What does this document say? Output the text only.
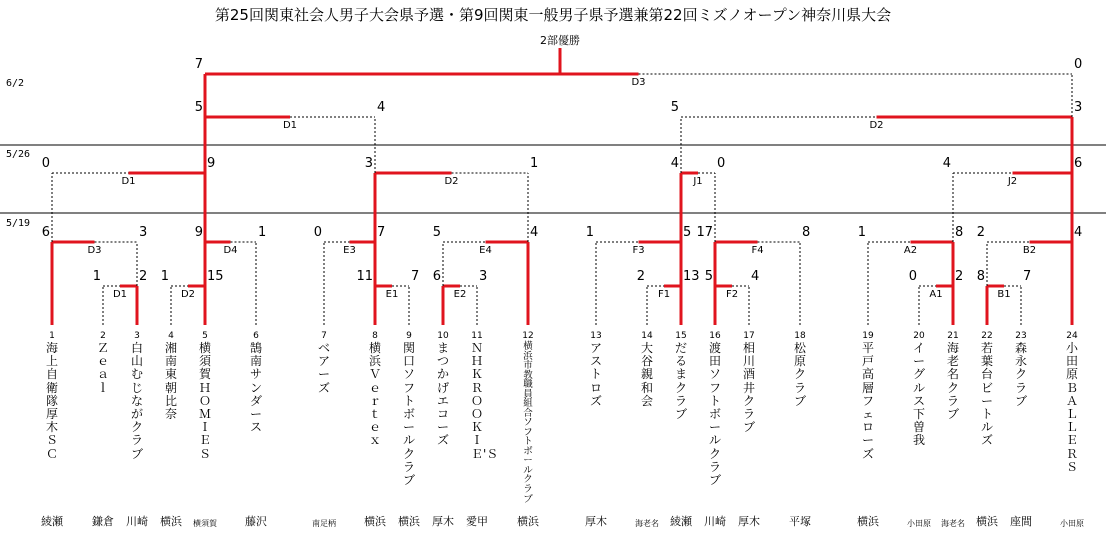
第25回関東社会人男子大会県予選・第9回関東一般男子県予選兼第22回ミズノオープン神奈川県大会
2部優勝
6/2
5/26
5/19
1
海上自衛隊厚木ＳＣ
2
Ｚｅａｌ
3
白山むじながクラブ
4
湘南東朝比奈
5
横須賀ＨＯＭＩＥＳ
6
鵠南サンダース
7
ベアーズ
8
横浜Ｖｅｒｔｅｘ
9
関口ソフトボールクラブ
10
まつかげエコーズ
11
ＮＨＫＲＯＯＫＩＥ'Ｓ
12
横浜市教職員組合ソフトボールクラブ
13
アストロズ
14
大谷親和会
15
だるまクラブ
16
渡田ソフトボールクラブ
17
相川酒井クラブ
18
松原クラブ
19
平戸高層フェローズ
20
イーグルス下曽我
21
海老名クラブ
22
若葉台ビートルズ
23
森永クラブ
24
小田原ＢＡＬＬＥＲＳ
綾瀬	鎌倉 川崎 横浜 横須賀	藤沢	南足柄	横浜 横浜 厚木 愛甲	横浜	厚木	海老名 綾瀬 川崎 厚木	平塚	横浜	小田原 海老名 横浜 座間	小田原
1	2
D1
1	15
D2
11	7
E1
6	3
E2
2	13
F1
5	4
F2
0	2
A1
8	7
B1
6	3
D3
9	1
D4
0	7
E3
5	4
E4
1	5
F3
17	8
F4
1	8
A2
2	4
B2
0	9
D1
3	1
D2
4	0
J1
4	6
J2
5	4
D1
5	3
D2
7	0
D3
